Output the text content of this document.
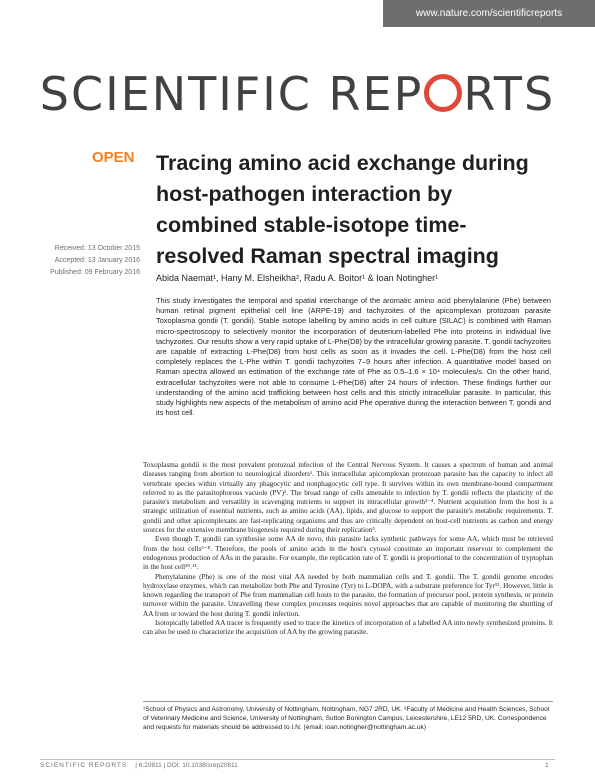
www.nature.com/scientificreports
SCIENTIFIC REP RTS
OPEN Tracing amino acid exchange during host-pathogen interaction by combined stable-isotope time-resolved Raman spectral imaging
Received: 13 October 2015
Accepted: 13 January 2016
Published: 09 February 2016
Abida Naemat¹, Hany M. Elsheikha², Radu A. Boitor¹ & Ioan Notingher¹

This study investigates the temporal and spatial interchange of the aromatic amino acid phenylalanine (Phe) between human retinal pigment epithelial cell line (ARPE-19) and tachyzoites of the apicomplexan protozoan parasite Toxoplasma gondii (T. gondii). Stable isotope labelling by amino acids in cell culture (SILAC) is combined with Raman micro-spectroscopy to selectively monitor the incorporation of deuterium-labelled Phe into proteins in individual live tachyzoites. Our results show a very rapid uptake of L-Phe(D8) by the intracellular growing parasite. T. gondii tachyzoites are capable of extracting L-Phe(D8) from host cells as soon as it invades the cell. L-Phe(D8) from the host cell completely replaces the L-Phe within T. gondii tachyzoites 7–9 hours after infection. A quantitative model based on Raman spectra allowed an estimation of the exchange rate of Phe as 0.5–1.6 × 10⁴ molecules/s. On the other hand, extracellular tachyzoites were not able to consume L-Phe(D8) after 24 hours of infection. These findings further our understanding of the amino acid trafficking between host cells and this strictly intracellular parasite. In particular, this study highlights new aspects of the metabolism of amino acid Phe operative during the interaction between T. gondii and its host cell.

Toxoplasma gondii is the most prevalent protozoal infection of the Central Nervous System. It causes a spectrum of human and animal diseases ranging from abortion to neurological disorders¹. This intracellular apicomplexan protozoan parasite has the capacity to infect all vertebrate species within virtually any phagocytic and nonphagocytic cell type. It survives within its own membrane-bound compartment referred to as the parasitophorous vacuole (PV)². The broad range of cells amenable to infection by T. gondii reflects the plasticity of the parasite's metabolism and versatility in scavenging nutrients to support its intracellular growth³⁻⁴. Nutrient acquisition from the host is a strategic utilization of essential nutrients, such as amino acids (AA), lipids, and glucose to support the parasite's metabolic requirements. T. gondii and other apicomplexans are fast-replicating organisms and thus are critically dependent on host-cell nutrients as carbon and energy sources for the extensive membrane biogenesis required during their replication⁵.

Even though T. gondii can synthesise some AA de novo, this parasite lacks synthetic pathways for some AA, which must be retrieved from the host cells⁶⁻⁸. Therefore, the pools of amino acids in the host's cytosol constitute an important reservoir to complement the endogenous production of AAs in the parasite. For example, the replication rate of T. gondii is proportional to the concentration of tryptophan in the host cell¹⁰˒¹¹.

Phenylalanine (Phe) is one of the most vital AA needed by both mammalian cells and T. gondii. The T. gondii genome encodes hydroxylase enzymes, which can metabolize both Phe and Tyrosine (Tyr) to L-DOPA, with a substrate preference for Tyr¹². However, little is known regarding the transport of Phe from mammalian cell hosts to the parasite, the formation of precursor pool, protein synthesis, or protein turnover within the parasite. Unravelling these complex processes requires novel approaches that are capable of monitoring the shuttling of AA from or toward the host during T. gondii infection.

Isotopically labelled AA tracer is frequently used to trace the kinetics of incorporation of a labelled AA into newly synthesized proteins. It can also be used to characterize the acquisition of AA by the growing parasite.

¹School of Physics and Astronomy, University of Nottingham, Nottingham, NG7 2RD, UK. ²Faculty of Medicine and Health Sciences, School of Veterinary Medicine and Science, University of Nottingham, Sutton Bonington Campus, Leicestershire, LE12 5RD, UK. Correspondence and requests for materials should be addressed to I.N. (email: ioan.notingher@nottingham.ac.uk)

SCIENTIFIC REPORTS | 6:20811 | DOI: 10.1038/srep20811	1
